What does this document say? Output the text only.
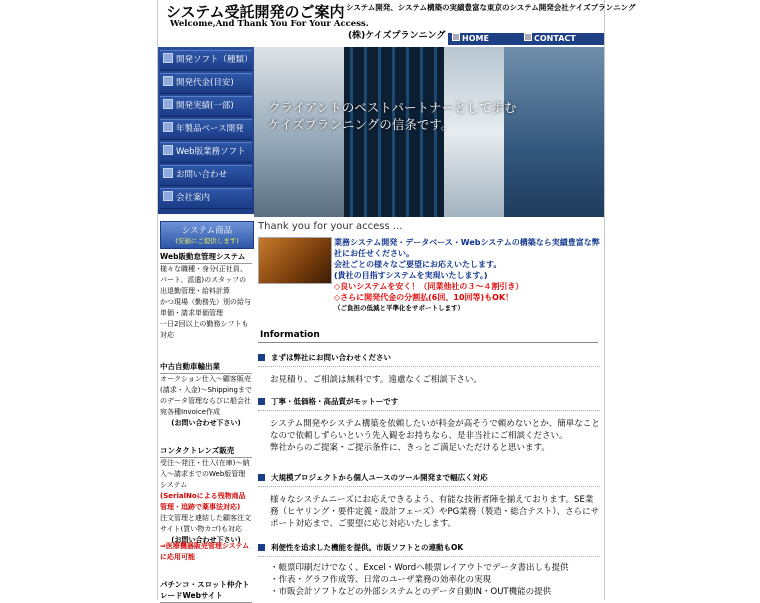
システム受託開発のご案内
Welcome,And Thank You For Your Access.
システム開発、システム構築の実績豊富な東京のシステム開発会社ケイズプランニング
(株)ケイズプランニング	HOME	CONTACT
開発ソフト（種類）
開発代金(目安)
開発実績(一部)
年製品ベース開発
Web版業務ソフト
お問い合わせ
会社案内
クライアントのベストパートナーとして歩む
ケイズプランニングの信条です。
システム商品
(安価にご提供します)
Web販動怠管理システム
様々な職種・身分(正社員、パート、派遣)のスタッフの出退勤管理・給料計算
かつ現場（勤務先）別の給与単価・請求単価管理
一日2回以上の勤務シフトも対応
中古自動車輸出業
オークション仕入～顧客販売(請求・入金)～Shippingまでのデータ管理ならびに船会社宛各種Invoice作成
(お問い合わせ下さい)
コンタクトレンズ販売
受注～発注・仕入(在庫)～納入～請求までのWeb版管理システム
(SerialNoによる残物商品管理・追跡で薬事法対応)
注文管理と連結した顧客注文サイト(買い物カゴ)も対応
(お問い合わせ下さい)
⇒医療機器販売管理システムに応用可能
パチンコ・スロット仲介トレードWebサイト
Thank you for your access ...
業務システム開発・データベース・Webシステムの構築なら実績豊富な弊社にお任せください。
会社ごとの様々なご要望にお応えいたします。
(貴社の目指すシステムを実現いたします。)
◇良いシステムを安く！（同業他社の３～４割引き）
◇さらに開発代金の分割払(6回、10回等)もOK！
（ご負担の低減と平準化をサポートします）
Information
まずは弊社にお問い合わせください
お見積り、ご相談は無料です。遠慮なくご相談下さい。
丁寧・低価格・高品質がモットーです
システム開発やシステム構築を依頼したいが料金が高そうで頼めないとか、簡単なことなので依頼しずらいという先入観をお持ちなら、是非当社にご相談ください。
弊社からのご提案・ご提示条件に、きっとご満足いただけると思います。
大規模プロジェクトから個人ユースのツール開発まで幅広く対応
様々なシステムニーズにお応えできるよう、有能な技術者陣を揃えております。SE業務（ヒヤリング・要件定義・設計フェーズ）やPG業務（製造・総合テスト）、さらにサポート対応まで、ご要望に応じ対応いたします。
利便性を追求した機能を提供。市販ソフトとの連動もOK
・帳票印刷だけでなく、Excel・Wordへ帳票レイアウトでデータ書出しも提供
・作表・グラフ作成等、日常のユーザ業務の効率化の実現
・市販会計ソフトなどの外部システムとのデータ自動IN・OUT機能の提供
